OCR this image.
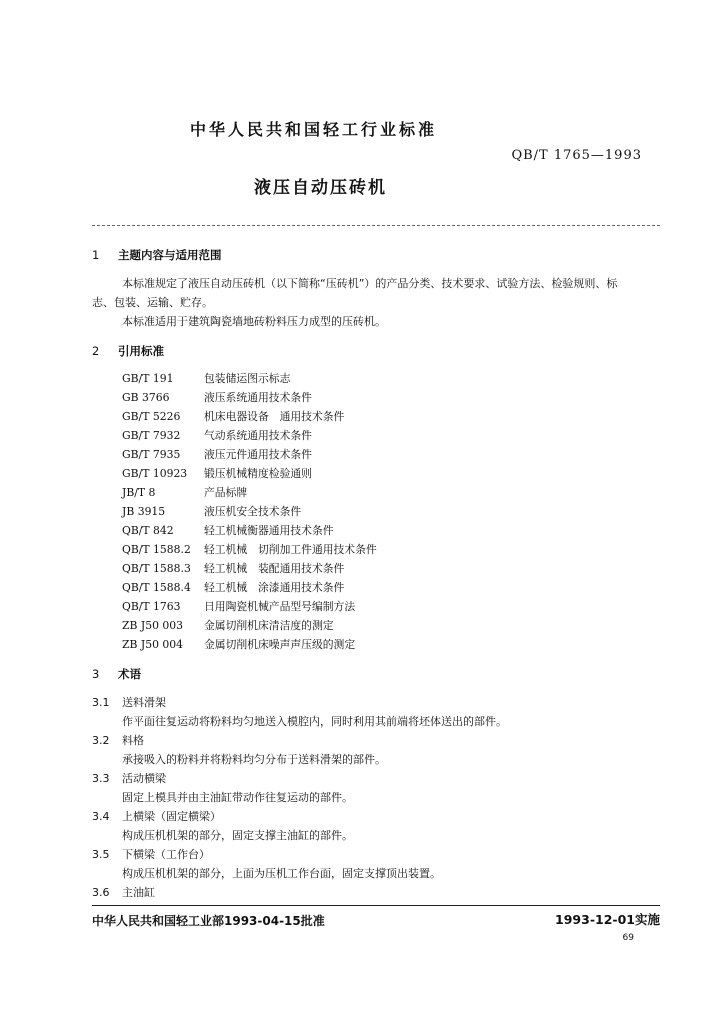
中华人民共和国轻工行业标准
QB/T 1765—1993
液压自动压砖机
1 主题内容与适用范围
本标准规定了液压自动压砖机（以下简称“压砖机”）的产品分类、技术要求、试验方法、检验规则、标
志、包装、运输、贮存。
本标准适用于建筑陶瓷墙地砖粉料压力成型的压砖机。
2 引用标准
GB/T 191	包装储运图示标志
GB 3766	液压系统通用技术条件
GB/T 5226 机床电器设备　通用技术条件
GB/T 7932 气动系统通用技术条件
GB/T 7935 液压元件通用技术条件
GB/T 10923 锻压机械精度检验通则
JB/T 8	产品标牌
JB 3915	液压机安全技术条件
QB/T 842	轻工机械衡器通用技术条件
QB/T 1588.2 轻工机械　切削加工件通用技术条件
QB/T 1588.3 轻工机械　装配通用技术条件
QB/T 1588.4 轻工机械　涂漆通用技术条件
QB/T 1763 日用陶瓷机械产品型号编制方法
ZB J50 003 金属切削机床清洁度的测定
ZB J50 004 金属切削机床噪声声压级的测定
3 术语
3.1 送料滑架
作平面往复运动将粉料均匀地送入模腔内，同时利用其前端将坯体送出的部件。
3.2 料格
承接吸入的粉料并将粉料均匀分布于送料滑架的部件。
3.3 活动横梁
固定上模具并由主油缸带动作往复运动的部件。
3.4 上横梁（固定横梁）
构成压机机架的部分，固定支撑主油缸的部件。
3.5 下横梁（工作台）
构成压机机架的部分，上面为压机工作台面，固定支撑顶出装置。
3.6 主油缸
中华人民共和国轻工业部1993-04-15批准	1993-12-01实施
69
